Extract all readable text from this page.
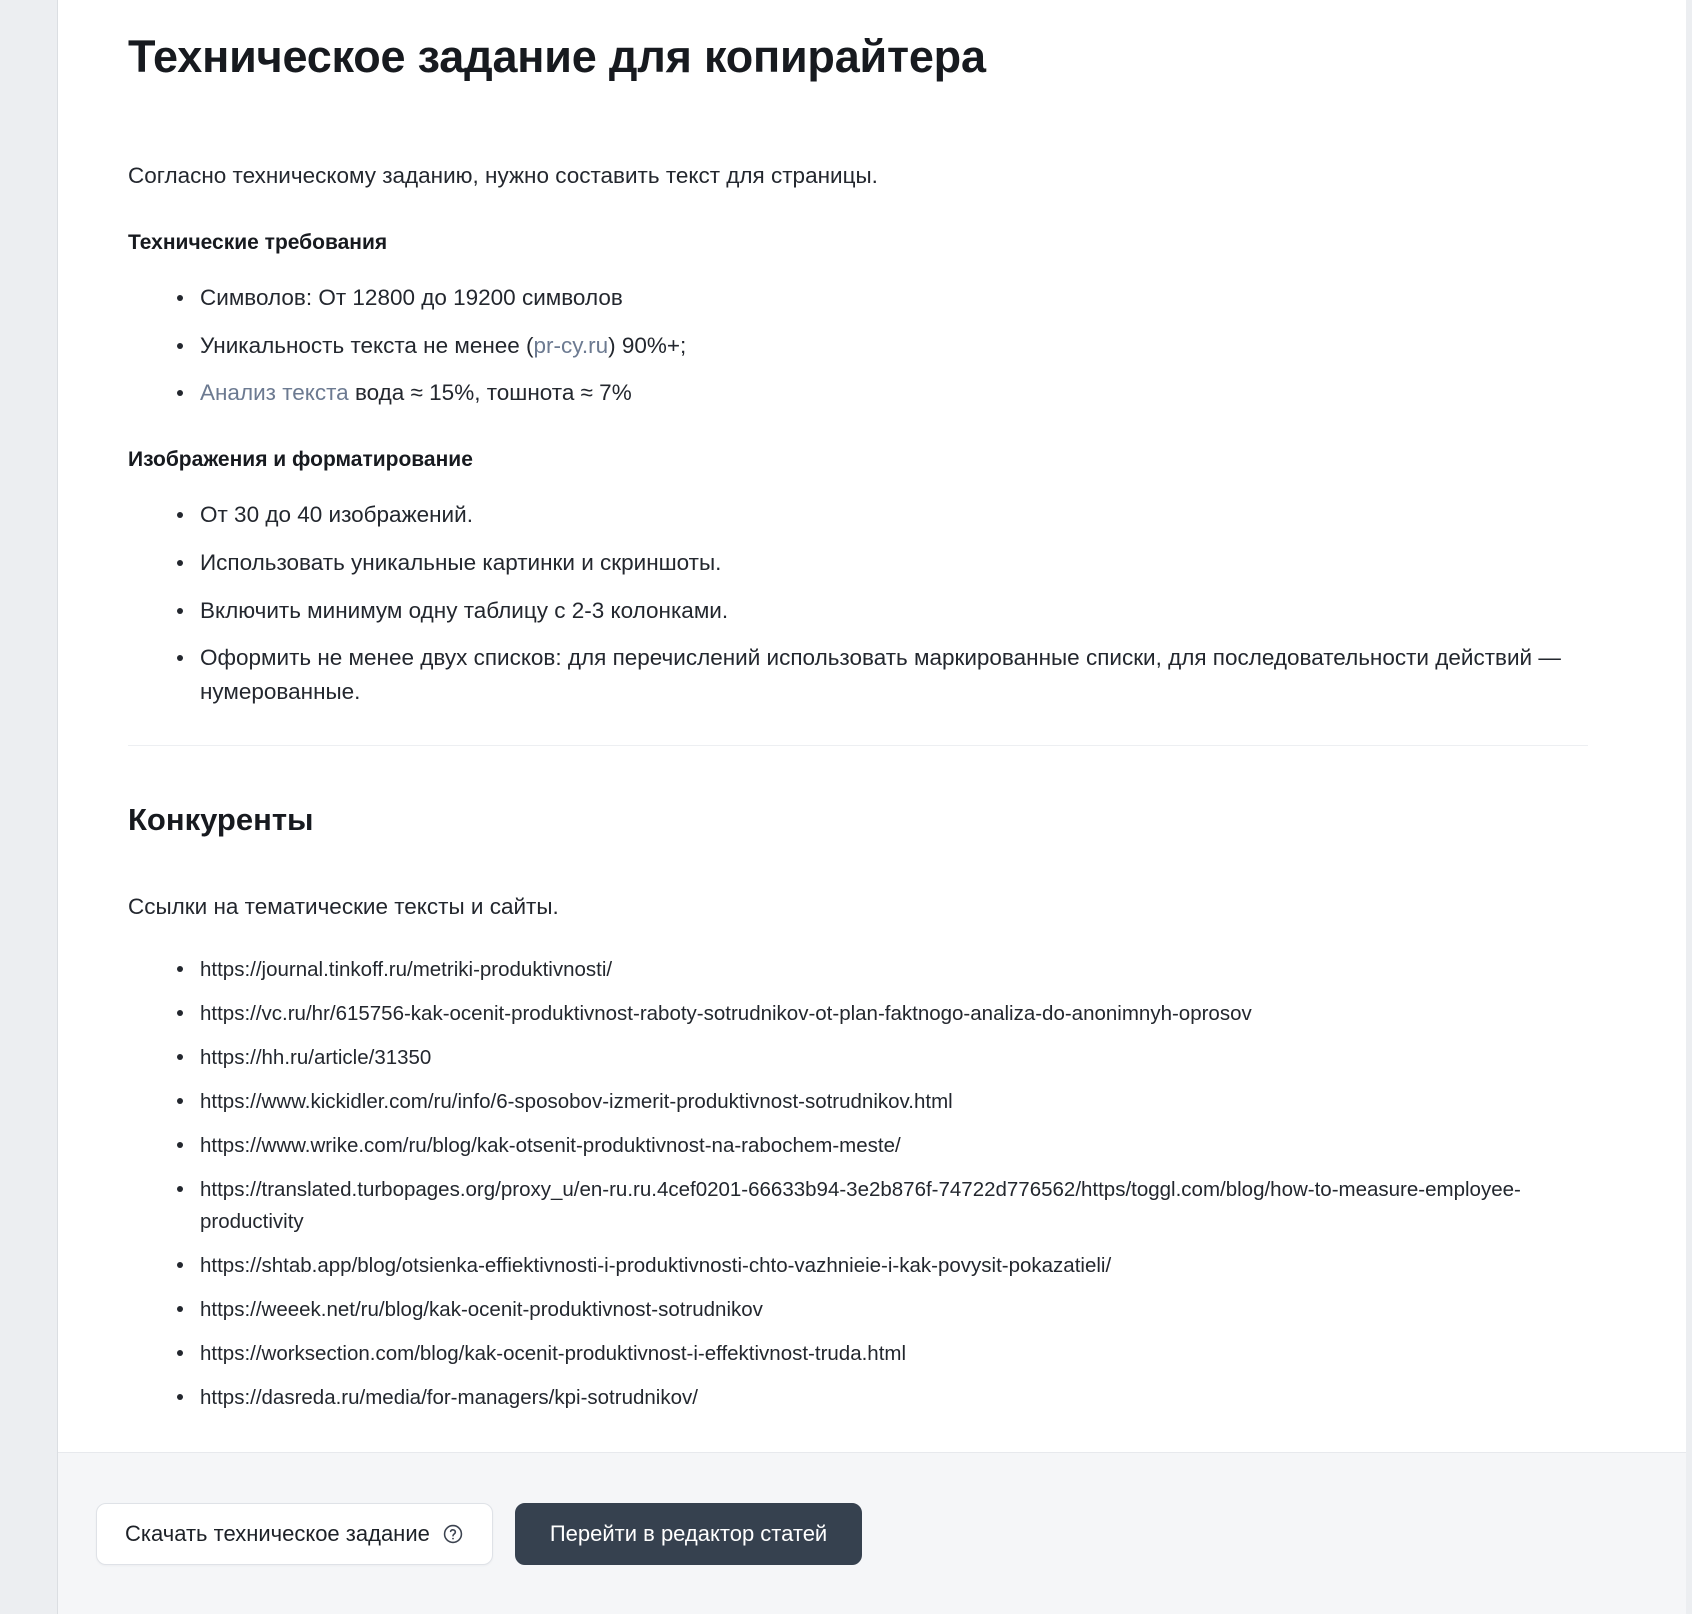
Техническое задание для копирайтера

Согласно техническому заданию, нужно составить текст для страницы.

Технические требования
Символов: От 12800 до 19200 символов
Уникальность текста не менее (pr-cy.ru) 90%+;
Анализ текста вода ≈ 15%, тошнота ≈ 7%
Изображения и форматирование
От 30 до 40 изображений.
Использовать уникальные картинки и скриншоты.
Включить минимум одну таблицу с 2-3 колонками.
Оформить не менее двух списков: для перечислений использовать маркированные списки, для последовательности действий — нумерованные.
Конкуренты

Ссылки на тематические тексты и сайты.

https://journal.tinkoff.ru/metriki-produktivnosti/
https://vc.ru/hr/615756-kak-ocenit-produktivnost-raboty-sotrudnikov-ot-plan-faktnogo-analiza-do-anonimnyh-oprosov
https://hh.ru/article/31350
https://www.kickidler.com/ru/info/6-sposobov-izmerit-produktivnost-sotrudnikov.html
https://www.wrike.com/ru/blog/kak-otsenit-produktivnost-na-rabochem-meste/
https://translated.turbopages.org/proxy_u/en-ru.ru.4cef0201-66633b94-3e2b876f-74722d776562/https/toggl.com/blog/how-to-measure-employee-productivity
https://shtab.app/blog/otsienka-effiektivnosti-i-produktivnosti-chto-vazhnieie-i-kak-povysit-pokazatieli/
https://weeek.net/ru/blog/kak-ocenit-produktivnost-sotrudnikov
https://worksection.com/blog/kak-ocenit-produktivnost-i-effektivnost-truda.html
https://dasreda.ru/media/for-managers/kpi-sotrudnikov/
Скачать техническое задание	Перейти в редактор статей
